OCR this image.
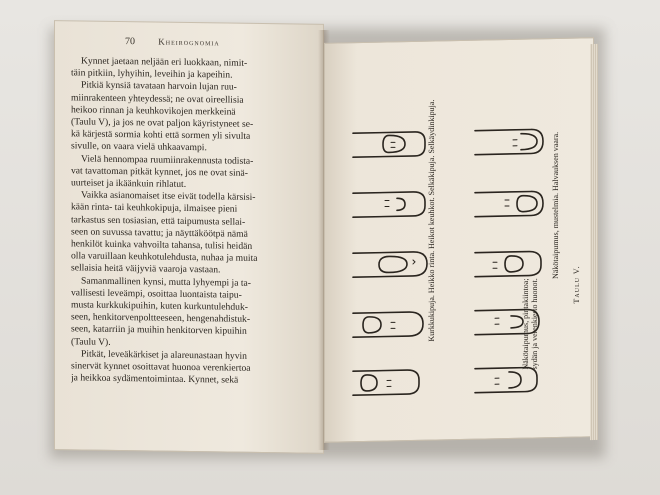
70	Kheirognomia
Kynnet jaetaan neljään eri luokkaan, nimit-
täin pitkiin, lyhyihin, leveihin ja kapeihin.
Pitkiä kynsiä tavataan harvoin lujan ruu-
miinrakenteen yhteydessä; ne ovat oireellisia
heikoo rinnan ja keuhkovikojen merkkeinä
(Taulu V), ja jos ne ovat paljon käyristyneet se-
kä kärjestä sormia kohti että sormen yli sivulta
sivulle, on vaara vielä uhkaavampi.
Vielä hennompaa ruumiinrakennusta todista-
vat tavattoman pitkät kynnet, jos ne ovat sinä-
uurteiset ja ikäänkuin rihlatut.
Vaikka asianomaiset itse eivät todella kärsisi-
kään rinta- tai keuhkokipuja, ilmaisee pieni
tarkastus sen tosiasian, että taipumusta sellai-
seen on suvussa tavattu; ja näyttäköötpä nämä
henkilöt kuinka vahvoilta tahansa, tulisi heidän
olla varuillaan keuhkotulehdusta, nuhaa ja muita
sellaisia heitä väijyviä vaaroja vastaan.
Samanmallinen kynsi, mutta lyhyempi ja ta-
vallisesti leveämpi, osoittaa luontaista taipu-
musta kurkkukipuihin, kuten kurkuntulehduk-
seen, henkitorvenpoltteeseen, hengenahdistuk-
seen, katarriin ja muihin henkitorven kipuihin
(Taulu V).
Pitkät, leveäkärkiset ja alareunastaan hyvin
sinervät kynnet osoittavat huonoa verenkiertoa
ja heikkoa sydämentoimintaa. Kynnet, sekä
Kurkkukipuja. Heikko rinta. Heikot keuhkot. Selkäkipuja. Selkäydinkipuja.
Näkötaipumus, pintakiintoa; sydän ja verenkierto huonot.
Näkötaipumus, mustelmia. Halvauksen vaara.
Taulu V.
